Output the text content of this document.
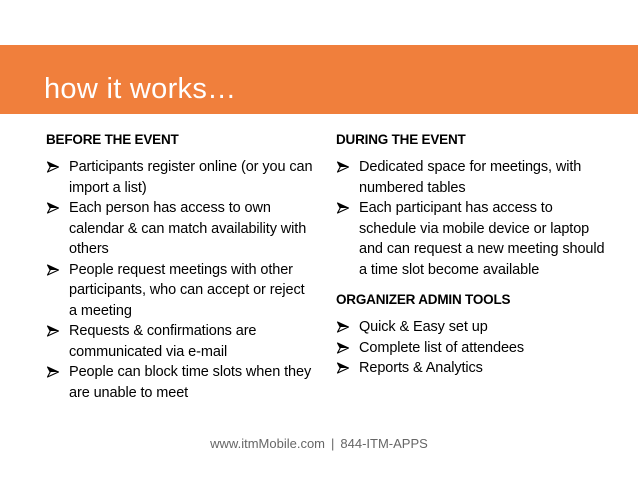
how it works…
BEFORE THE EVENT
Participants register online (or you can import a list)
Each person has access to own calendar & can match availability with others
People request meetings with other participants, who can accept or reject a meeting
Requests & confirmations are communicated via e-mail
People can block time slots when they are unable to meet
DURING THE EVENT
Dedicated space for meetings, with numbered tables
Each participant has access to schedule via mobile device or laptop and can request a new meeting should a time slot become available
ORGANIZER ADMIN TOOLS
Quick & Easy set up
Complete list of attendees
Reports & Analytics
www.itmMobile.com | 844-ITM-APPS
